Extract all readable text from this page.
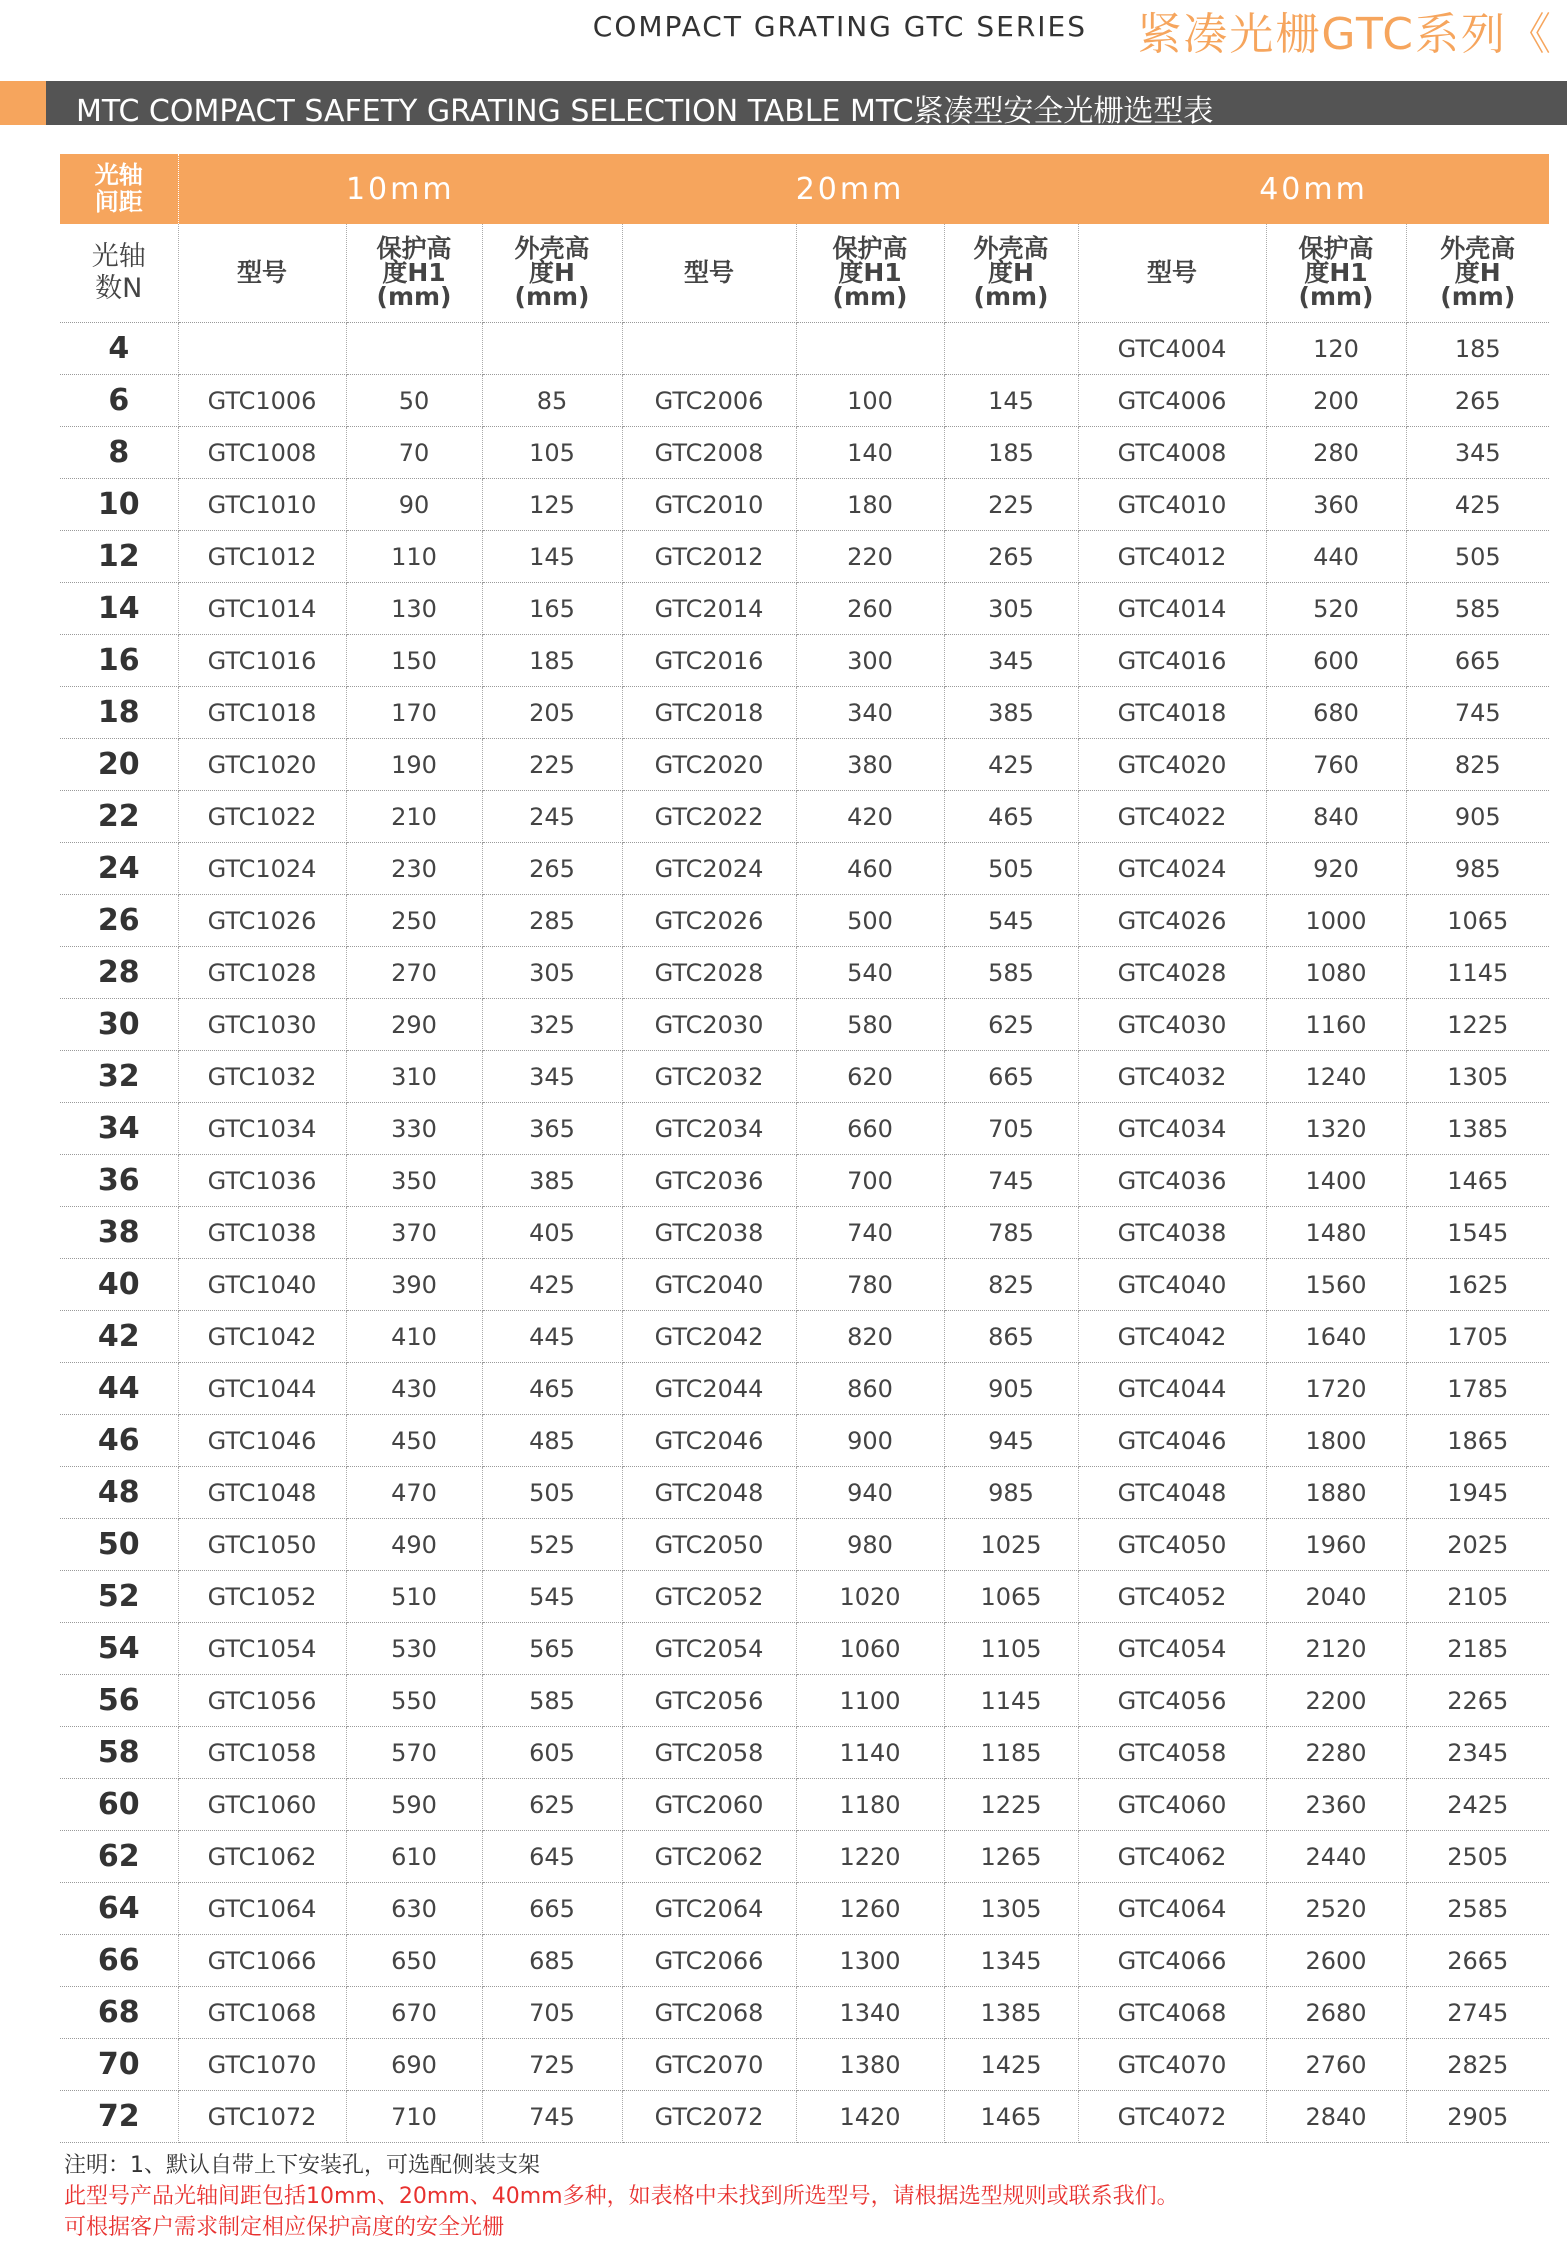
COMPACT GRATING GTC SERIES 紧凑光栅GTC系列《
MTC COMPACT SAFETY GRATING SELECTION TABLE MTC紧凑型安全光栅选型表
光轴
间距	10mm			20mm			40mm		
光轴
数N	型号	保护高
度H1
(mm)	外壳高
度H
(mm)	型号	保护高
度H1
(mm)	外壳高
度H
(mm)	型号	保护高
度H1
(mm)	外壳高
度H
(mm)

4							GTC4004	120	185
6	GTC1006	50	85	GTC2006	100	145	GTC4006	200	265
8	GTC1008	70	105	GTC2008	140	185	GTC4008	280	345
10	GTC1010	90	125	GTC2010	180	225	GTC4010	360	425
12	GTC1012	110	145	GTC2012	220	265	GTC4012	440	505
14	GTC1014	130	165	GTC2014	260	305	GTC4014	520	585
16	GTC1016	150	185	GTC2016	300	345	GTC4016	600	665
18	GTC1018	170	205	GTC2018	340	385	GTC4018	680	745
20	GTC1020	190	225	GTC2020	380	425	GTC4020	760	825
22	GTC1022	210	245	GTC2022	420	465	GTC4022	840	905
24	GTC1024	230	265	GTC2024	460	505	GTC4024	920	985
26	GTC1026	250	285	GTC2026	500	545	GTC4026	1000	1065
28	GTC1028	270	305	GTC2028	540	585	GTC4028	1080	1145
30	GTC1030	290	325	GTC2030	580	625	GTC4030	1160	1225
32	GTC1032	310	345	GTC2032	620	665	GTC4032	1240	1305
34	GTC1034	330	365	GTC2034	660	705	GTC4034	1320	1385
36	GTC1036	350	385	GTC2036	700	745	GTC4036	1400	1465
38	GTC1038	370	405	GTC2038	740	785	GTC4038	1480	1545
40	GTC1040	390	425	GTC2040	780	825	GTC4040	1560	1625
42	GTC1042	410	445	GTC2042	820	865	GTC4042	1640	1705
44	GTC1044	430	465	GTC2044	860	905	GTC4044	1720	1785
46	GTC1046	450	485	GTC2046	900	945	GTC4046	1800	1865
48	GTC1048	470	505	GTC2048	940	985	GTC4048	1880	1945
50	GTC1050	490	525	GTC2050	980	1025	GTC4050	1960	2025
52	GTC1052	510	545	GTC2052	1020	1065	GTC4052	2040	2105
54	GTC1054	530	565	GTC2054	1060	1105	GTC4054	2120	2185
56	GTC1056	550	585	GTC2056	1100	1145	GTC4056	2200	2265
58	GTC1058	570	605	GTC2058	1140	1185	GTC4058	2280	2345
60	GTC1060	590	625	GTC2060	1180	1225	GTC4060	2360	2425
62	GTC1062	610	645	GTC2062	1220	1265	GTC4062	2440	2505
64	GTC1064	630	665	GTC2064	1260	1305	GTC4064	2520	2585
66	GTC1066	650	685	GTC2066	1300	1345	GTC4066	2600	2665
68	GTC1068	670	705	GTC2068	1340	1385	GTC4068	2680	2745
70	GTC1070	690	725	GTC2070	1380	1425	GTC4070	2760	2825
72	GTC1072	710	745	GTC2072	1420	1465	GTC4072	2840	2905
注明：1、默认自带上下安装孔，可选配侧装支架
此型号产品光轴间距包括10mm、20mm、40mm多种，如表格中未找到所选型号，请根据选型规则或联系我们。
可根据客户需求制定相应保护高度的安全光栅
